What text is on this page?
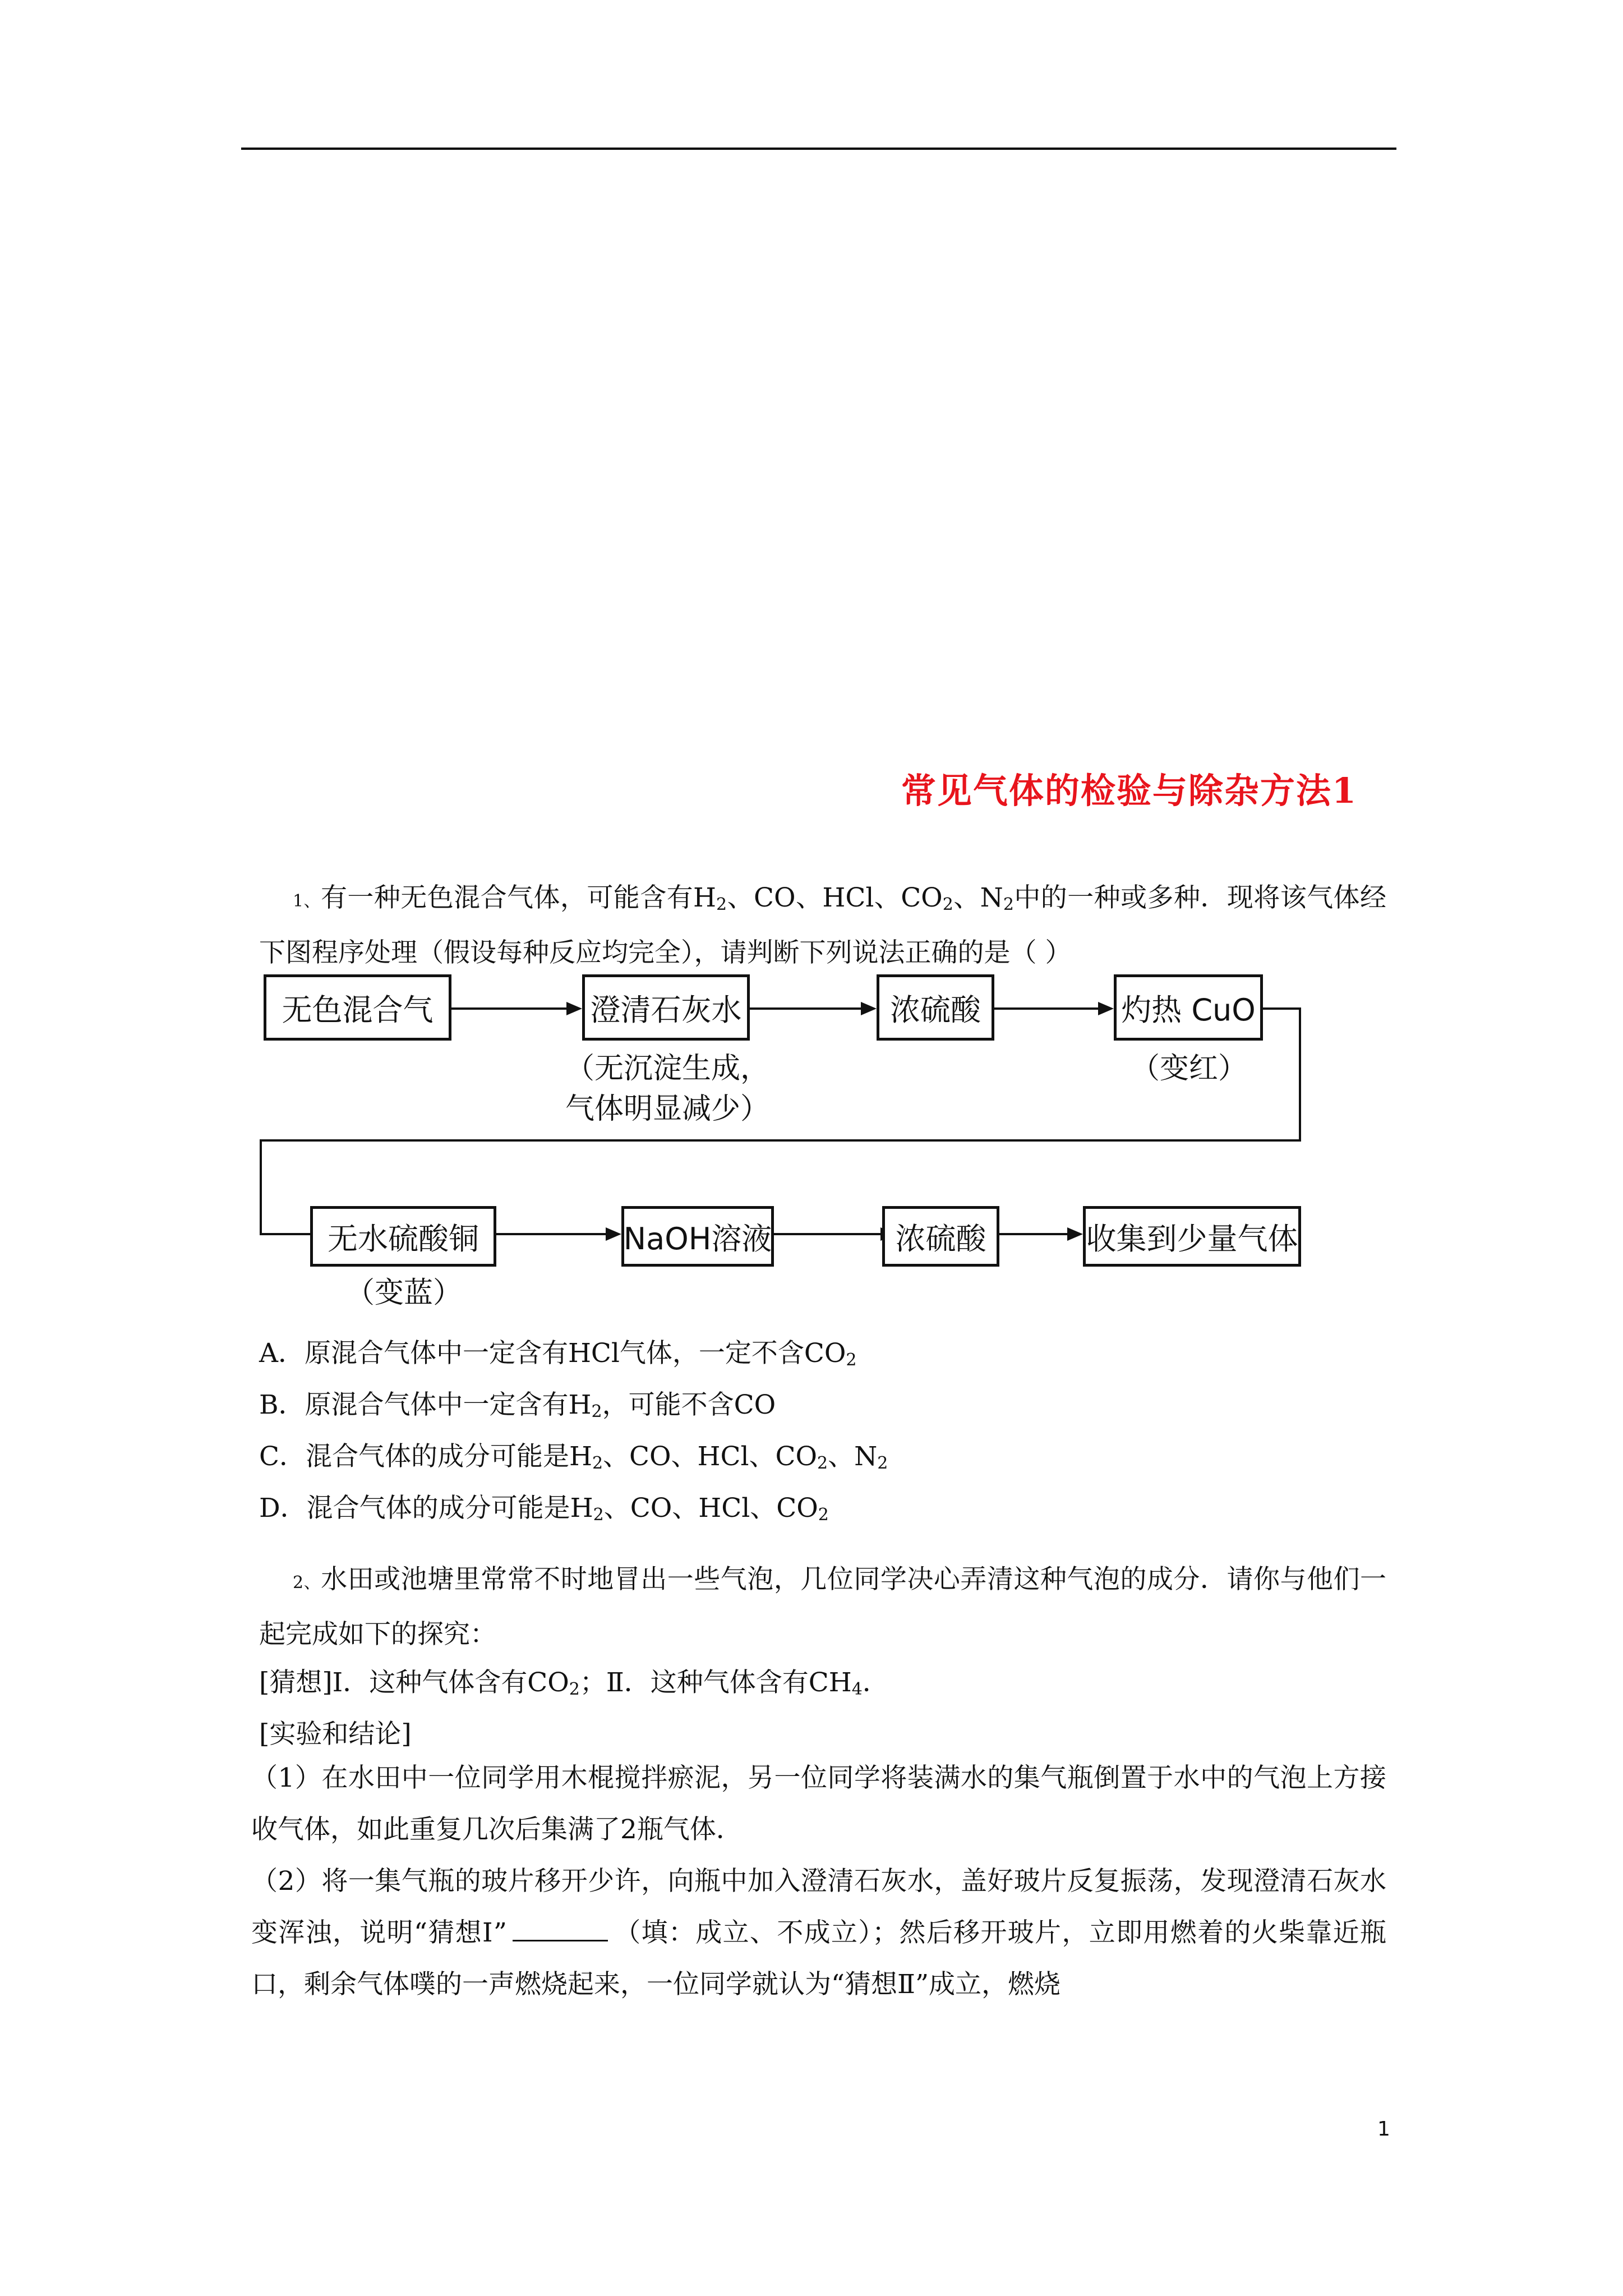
常见气体的检验与除杂方法1
1、有一种无色混合气体，可能含有$H_2$、CO、HCl、$CO_2$、$N_2$中的一种或多种．现将该气体经下图程序处理（假设每种反应均完全），请判断下列说法正确的是（ ）
无色混合气	澄清石灰水	浓硫酸	灼热 CuO
（无沉淀生成，
气体明显减少）
（变红）
无水硫酸铜	NaOH溶液	浓硫酸	收集到少量气体
（变蓝）
A．原混合气体中一定含有HCl气体，一定不含$CO_2$
B．原混合气体中一定含有$H_2$，可能不含CO
C．混合气体的成分可能是$H_2$、CO、HCl、$CO_2$、$N_2$
D．混合气体的成分可能是$H_2$、CO、HCl、$CO_2$
2、水田或池塘里常常不时地冒出一些气泡，几位同学决心弄清这种气泡的成分．请你与他们一起完成如下的探究：
[猜想]Ⅰ．这种气体含有$CO_2$；Ⅱ．这种气体含有$CH_4$．
[实验和结论]
（1）在水田中一位同学用木棍搅拌瘀泥，另一位同学将装满水的集气瓶倒置于水中的气泡上方接收气体，如此重复几次后集满了2瓶气体．
（2）将一集气瓶的玻片移开少许，向瓶中加入澄清石灰水，盖好玻片反复振荡，发现澄清石灰水变浑浊，说明“猜想Ⅰ”	（填：成立、不成立）；然后移开玻片，立即用燃着的火柴靠近瓶口，剩余气体噗的一声燃烧起来，一位同学就认为“猜想Ⅱ”成立，燃烧
1
